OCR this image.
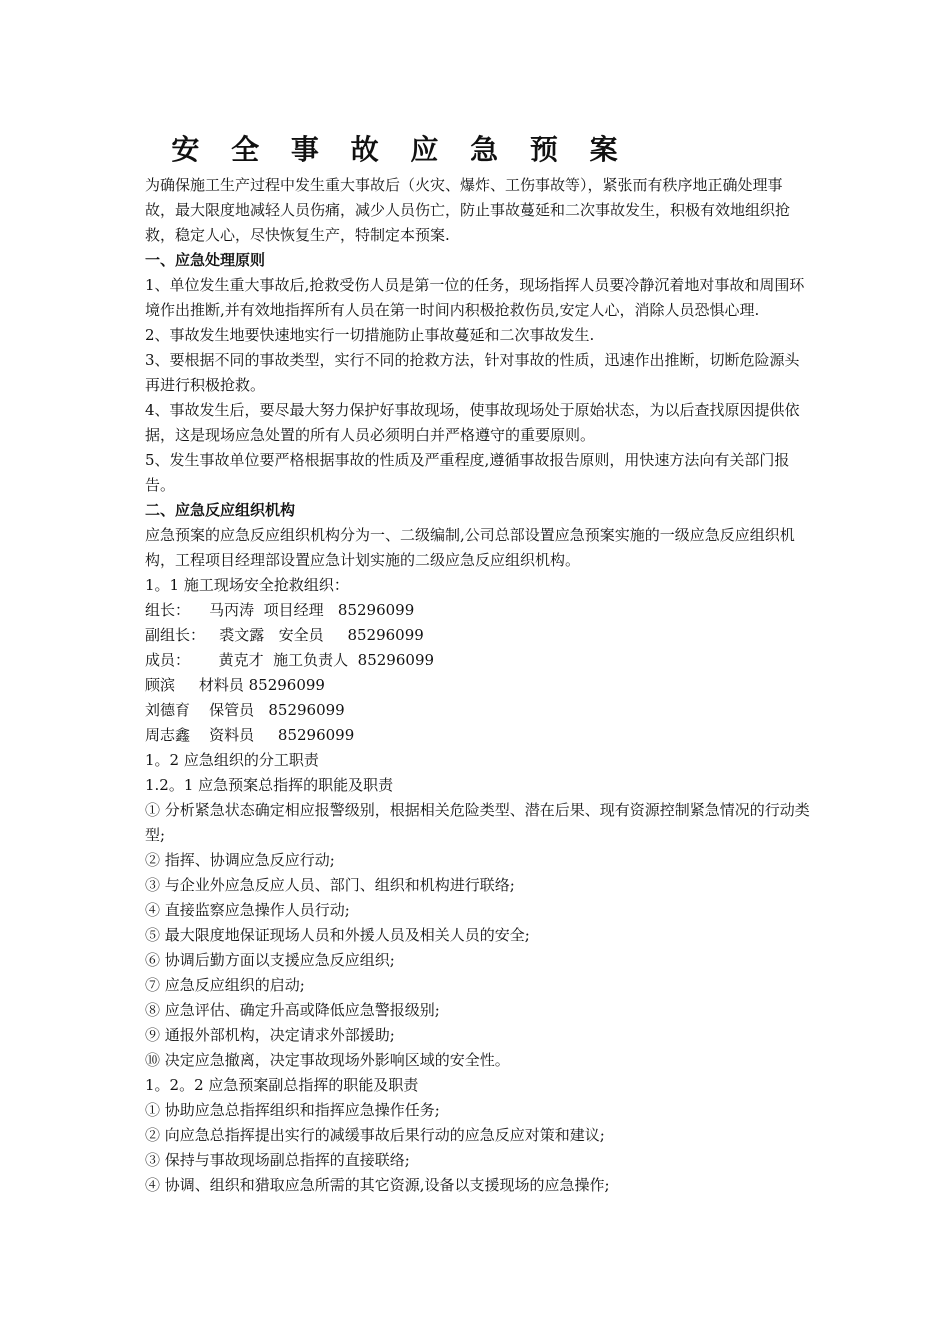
安 全 事 故 应 急 预 案

为确保施工生产过程中发生重大事故后（火灾、爆炸、工伤事故等），紧张而有秩序地正确处理事故，最大限度地减轻人员伤痛，减少人员伤亡，防止事故蔓延和二次事故发生，积极有效地组织抢救，稳定人心，尽快恢复生产，特制定本预案.

一、应急处理原则

1、单位发生重大事故后,抢救受伤人员是第一位的任务，现场指挥人员要冷静沉着地对事故和周围环境作出推断,并有效地指挥所有人员在第一时间内积极抢救伤员,安定人心，消除人员恐惧心理.

2、事故发生地要快速地实行一切措施防止事故蔓延和二次事故发生.

3、要根据不同的事故类型，实行不同的抢救方法，针对事故的性质，迅速作出推断，切断危险源头再进行积极抢救。

4、事故发生后，要尽最大努力保护好事故现场，使事故现场处于原始状态，为以后查找原因提供依据，这是现场应急处置的所有人员必须明白并严格遵守的重要原则。

5、发生事故单位要严格根据事故的性质及严重程度,遵循事故报告原则，用快速方法向有关部门报告。

二、应急反应组织机构

应急预案的应急反应组织机构分为一、二级编制,公司总部设置应急预案实施的一级应急反应组织机构，工程项目经理部设置应急计划实施的二级应急反应组织机构。

1。1 施工现场安全抢救组织：

组长：    马丙涛  项目经理   85296099

副组长：   裘文露   安全员     85296099

成员：      黄克才  施工负责人  85296099

顾滨     材料员 85296099

刘德育    保管员   85296099

周志鑫    资料员     85296099

1。2 应急组织的分工职责

1.2。1 应急预案总指挥的职能及职责

① 分析紧急状态确定相应报警级别，根据相关危险类型、潜在后果、现有资源控制紧急情况的行动类型;

② 指挥、协调应急反应行动;

③ 与企业外应急反应人员、部门、组织和机构进行联络;

④ 直接监察应急操作人员行动;

⑤ 最大限度地保证现场人员和外援人员及相关人员的安全;

⑥ 协调后勤方面以支援应急反应组织;

⑦ 应急反应组织的启动;

⑧ 应急评估、确定升高或降低应急警报级别;

⑨ 通报外部机构，决定请求外部援助;

⑩ 决定应急撤离，决定事故现场外影响区域的安全性。

1。2。2 应急预案副总指挥的职能及职责

① 协助应急总指挥组织和指挥应急操作任务;

② 向应急总指挥提出实行的减缓事故后果行动的应急反应对策和建议;

③ 保持与事故现场副总指挥的直接联络;

④ 协调、组织和猎取应急所需的其它资源,设备以支援现场的应急操作;
